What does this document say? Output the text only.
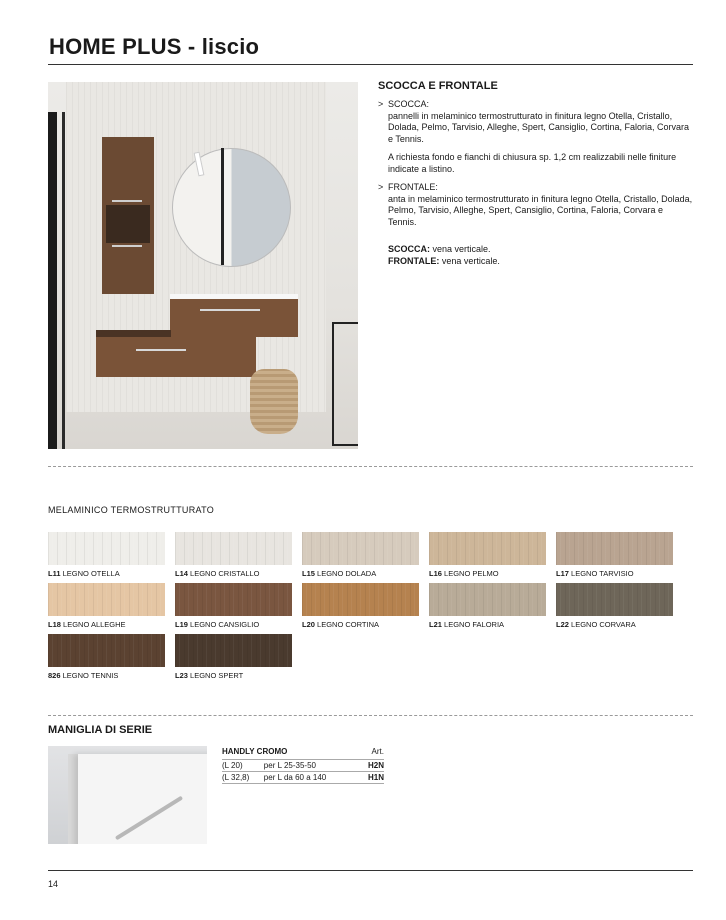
HOME PLUS - liscio
SCOCCA E FRONTALE
> SCOCCA:

pannelli in melaminico termostrutturato in finitura legno Otella, Cristallo, Dolada, Pelmo, Tarvisio, Alleghe, Spert, Cansiglio, Cortina, Faloria, Corvara e Tennis.

A richiesta fondo e fianchi di chiusura sp. 1,2 cm realizzabili nelle finiture indicate a listino.

> FRONTALE:

anta in melaminico termostrutturato in finitura legno Otella, Cristallo, Dolada, Pelmo, Tarvisio, Alleghe, Spert, Cansiglio, Cortina, Faloria, Corvara e Tennis.

SCOCCA: vena verticale.

FRONTALE: vena verticale.

MELAMINICO TERMOSTRUTTURATO
L11 LEGNO OTELLA	L14 LEGNO CRISTALLO	L15 LEGNO DOLADA	L16 LEGNO PELMO	L17 LEGNO TARVISIO
L18 LEGNO ALLEGHE	L19 LEGNO CANSIGLIO	L20 LEGNO CORTINA	L21 LEGNO FALORIA	L22 LEGNO CORVARA
826 LEGNO TENNIS	L23 LEGNO SPERT
MANIGLIA DI SERIE
HANDLY CROMO		Art.
(L 20)	per L 25-35-50	H2N
(L 32,8)	per L da 60 a 140	H1N
14
